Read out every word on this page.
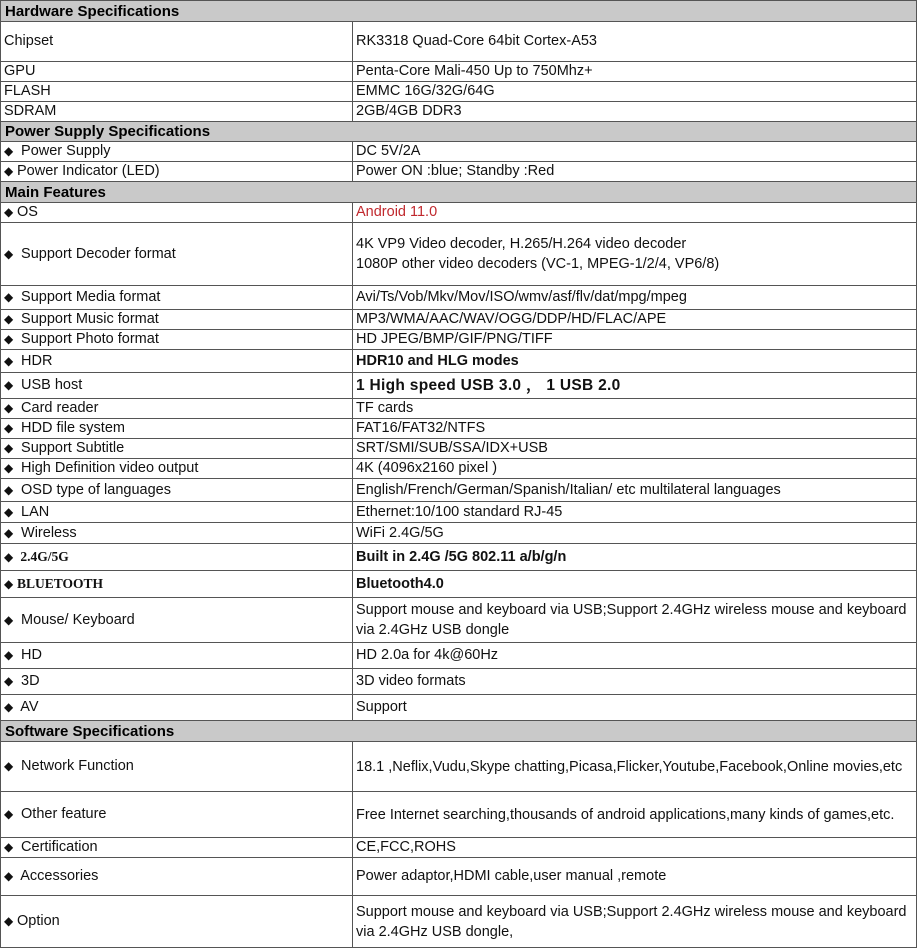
Hardware Specifications	
Chipset	RK3318 Quad-Core 64bit Cortex-A53
GPU	Penta-Core Mali-450 Up to 750Mhz+
FLASH	EMMC 16G/32G/64G
SDRAM	2GB/4GB DDR3
Power Supply Specifications	
◆ Power Supply	DC 5V/2A
◆ Power Indicator (LED)	Power ON :blue; Standby :Red
Main Features	
◆ OS	Android 11.0
◆ Support Decoder format	4K VP9 Video decoder, H.265/H.264 video decoder
1080P other video decoders (VC-1, MPEG-1/2/4, VP6/8)

◆ Support Media format	Avi/Ts/Vob/Mkv/Mov/ISO/wmv/asf/flv/dat/mpg/mpeg
◆ Support Music format	MP3/WMA/AAC/WAV/OGG/DDP/HD/FLAC/APE
◆ Support Photo format	HD JPEG/BMP/GIF/PNG/TIFF
◆ HDR	HDR10 and HLG modes
◆ USB host	1 High speed USB 3.0 ， 1 USB 2.0
◆ Card reader	TF cards
◆ HDD file system	FAT16/FAT32/NTFS
◆ Support Subtitle	SRT/SMI/SUB/SSA/IDX+USB
◆ High Definition video output	4K (4096x2160 pixel )
◆ OSD type of languages	English/French/German/Spanish/Italian/ etc multilateral languages
◆ LAN	Ethernet:10/100 standard RJ-45
◆ Wireless	WiFi 2.4G/5G
◆ 2.4G/5G	Built in 2.4G /5G 802.11 a/b/g/n
◆ BLUETOOTH	Bluetooth4.0
◆ Mouse/ Keyboard	Support mouse and keyboard via USB;Support 2.4GHz wireless mouse and keyboard via 2.4GHz USB dongle
◆ HD	HD 2.0a for 4k@60Hz
◆ 3D	3D video formats
◆ AV	Support
Software Specifications	
◆ Network Function	18.1 ,Neflix,Vudu,Skype chatting,Picasa,Flicker,Youtube,Facebook,Online movies,etc
◆ Other feature	Free Internet searching,thousands of android applications,many kinds of games,etc.
◆ Certification	CE,FCC,ROHS
◆ Accessories	Power adaptor,HDMI cable,user manual ,remote
◆ Option	Support mouse and keyboard via USB;Support 2.4GHz wireless mouse and keyboard via 2.4GHz USB dongle,
